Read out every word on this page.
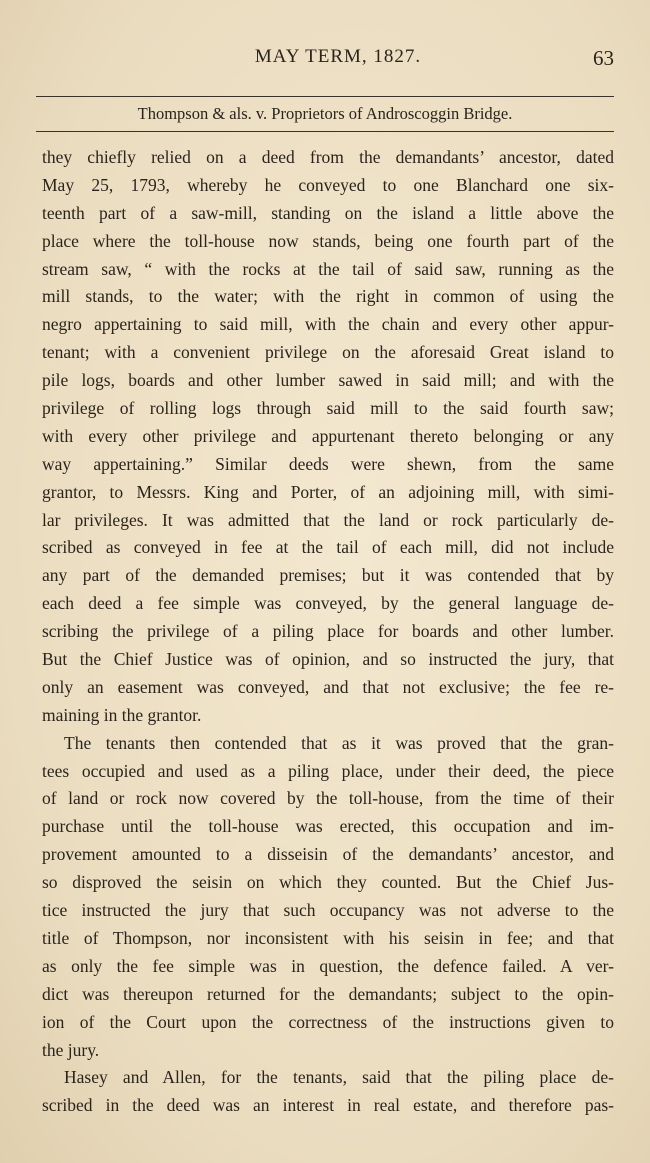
MAY TERM, 1827.	63
Thompson & als. v. Proprietors of Androscoggin Bridge.
they chiefly relied on a deed from the demandants’ ancestor, dated
May 25, 1793, whereby he conveyed to one Blanchard one six-
teenth part of a saw-mill, standing on the island a little above the
place where the toll-house now stands, being one fourth part of the
stream saw, “ with the rocks at the tail of said saw, running as the
mill stands, to the water; with the right in common of using the
negro appertaining to said mill, with the chain and every other appur-
tenant; with a convenient privilege on the aforesaid Great island to
pile logs, boards and other lumber sawed in said mill; and with the
privilege of rolling logs through said mill to the said fourth saw;
with every other privilege and appurtenant thereto belonging or any
way appertaining.” Similar deeds were shewn, from the same
grantor, to Messrs. King and Porter, of an adjoining mill, with simi-
lar privileges. It was admitted that the land or rock particularly de-
scribed as conveyed in fee at the tail of each mill, did not include
any part of the demanded premises; but it was contended that by
each deed a fee simple was conveyed, by the general language de-
scribing the privilege of a piling place for boards and other lumber.
But the Chief Justice was of opinion, and so instructed the jury, that
only an easement was conveyed, and that not exclusive; the fee re-
maining in the grantor.
The tenants then contended that as it was proved that the gran-
tees occupied and used as a piling place, under their deed, the piece
of land or rock now covered by the toll-house, from the time of their
purchase until the toll-house was erected, this occupation and im-
provement amounted to a disseisin of the demandants’ ancestor, and
so disproved the seisin on which they counted. But the Chief Jus-
tice instructed the jury that such occupancy was not adverse to the
title of Thompson, nor inconsistent with his seisin in fee; and that
as only the fee simple was in question, the defence failed. A ver-
dict was thereupon returned for the demandants; subject to the opin-
ion of the Court upon the correctness of the instructions given to
the jury.
Hasey and Allen, for the tenants, said that the piling place de-
scribed in the deed was an interest in real estate, and therefore pas-
